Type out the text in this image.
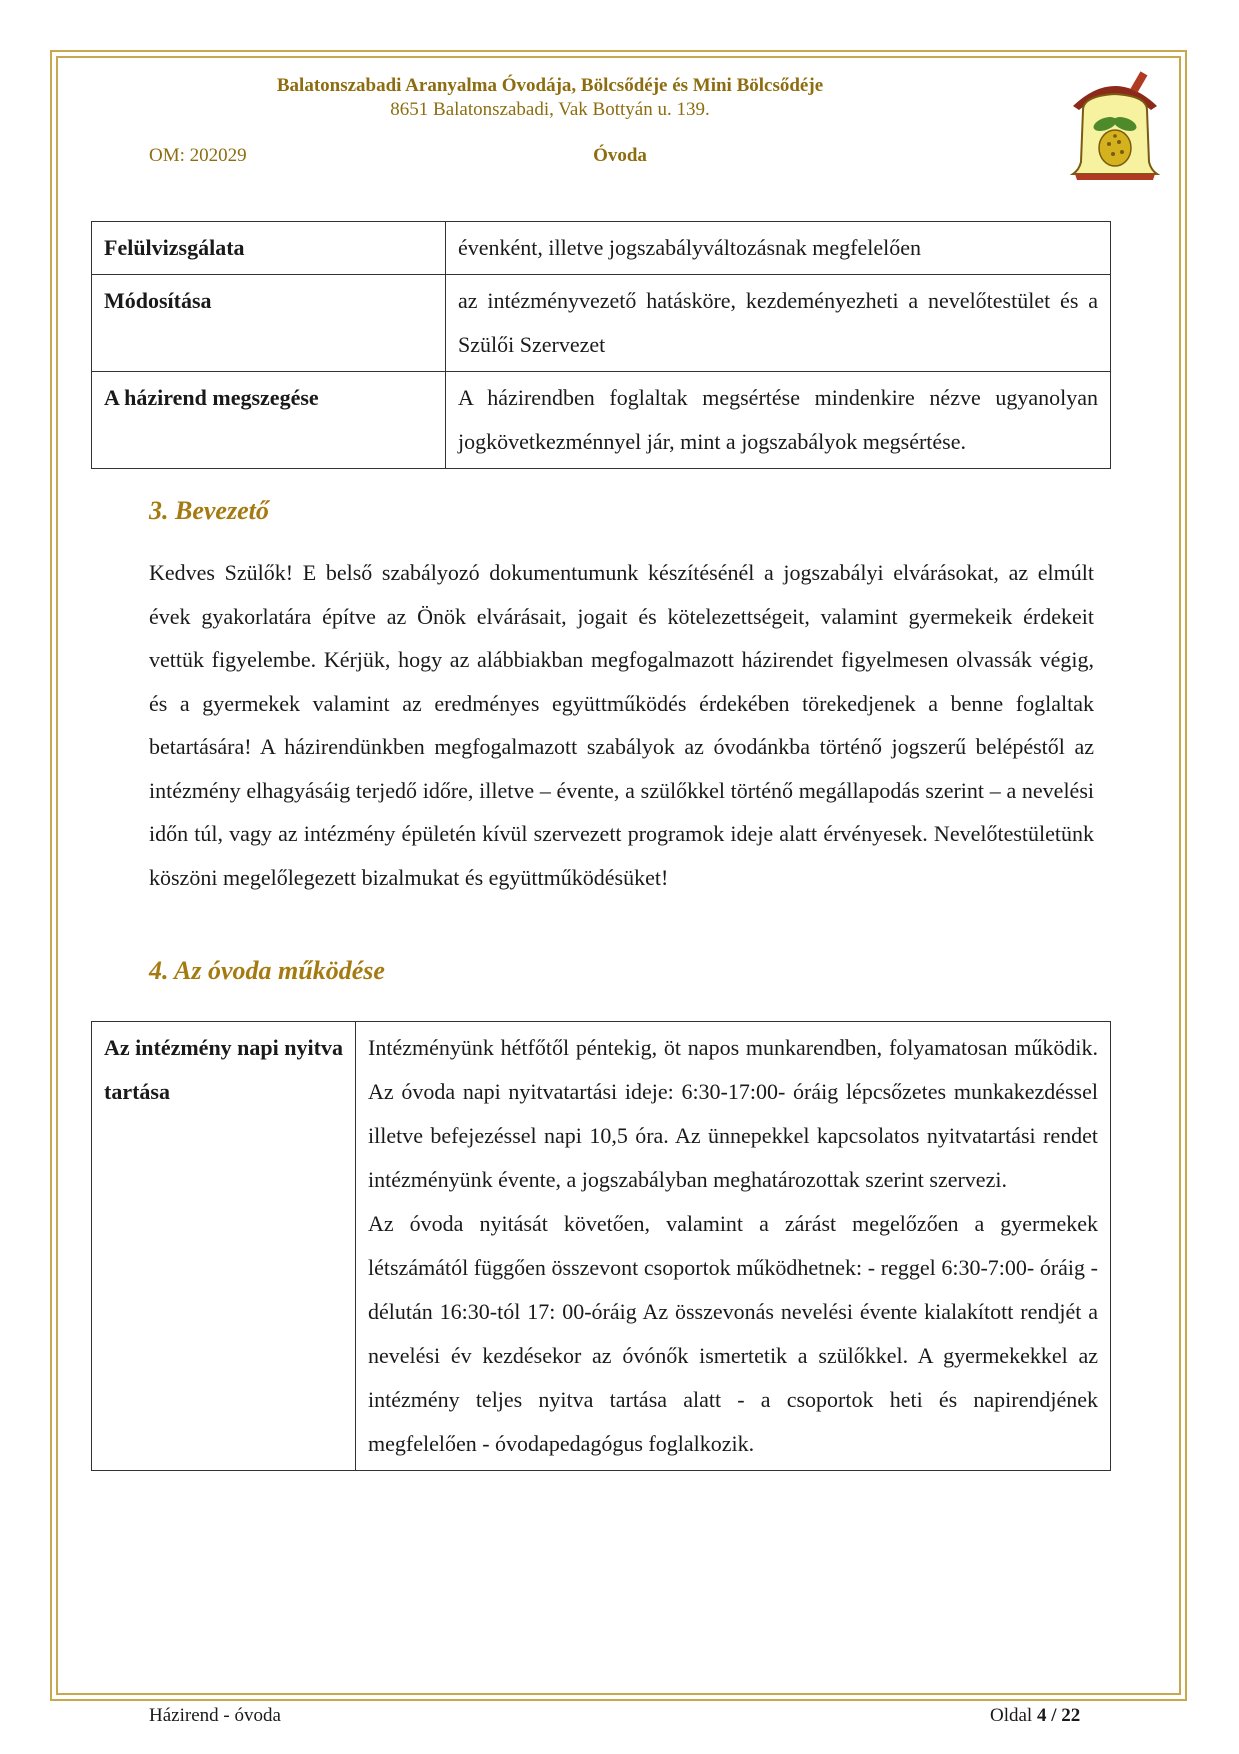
Balatonszabadi Aranyalma Óvodája, Bölcsődéje és Mini Bölcsődéje
8651 Balatonszabadi, Vak Bottyán u. 139.
OM: 202029	Óvoda
Felülvizsgálata	évenként, illetve jogszabályváltozásnak megfelelően
Módosítása	az intézményvezető hatásköre, kezdeményezheti a nevelőtestület és a Szülői Szervezet
A házirend megszegése	A házirendben foglaltak megsértése mindenkire nézve ugyanolyan jogkövetkezménnyel jár, mint a jogszabályok megsértése.
3. Bevezető
Kedves Szülők! E belső szabályozó dokumentumunk készítésénél a jogszabályi elvárásokat, az elmúlt évek gyakorlatára építve az Önök elvárásait, jogait és kötelezettségeit, valamint gyermekeik érdekeit vettük figyelembe. Kérjük, hogy az alábbiakban megfogalmazott házirendet figyelmesen olvassák végig, és a gyermekek valamint az eredményes együttműködés érdekében törekedjenek a benne foglaltak betartására! A házirendünkben megfogalmazott szabályok az óvodánkba történő jogszerű belépéstől az intézmény elhagyásáig terjedő időre, illetve – évente, a szülőkkel történő megállapodás szerint – a nevelési időn túl, vagy az intézmény épületén kívül szervezett programok ideje alatt érvényesek. Nevelőtestületünk köszöni megelőlegezett bizalmukat és együttműködésüket!
4. Az óvoda működése
Az intézmény napi nyitva tartása	
Intézményünk hétfőtől péntekig, öt napos munkarendben, folyamatosan működik. Az óvoda napi nyitvatartási ideje: 6:30-17:00- óráig lépcsőzetes munkakezdéssel illetve befejezéssel napi 10,5 óra. Az ünnepekkel kapcsolatos nyitvatartási rendet intézményünk évente, a jogszabályban meghatározottak szerint szervezi.
Az óvoda nyitását követően, valamint a zárást megelőzően a gyermekek létszámától függően összevont csoportok működhetnek: - reggel 6:30-7:00- óráig - délután 16:30-tól 17: 00-óráig Az összevonás nevelési évente kialakított rendjét a nevelési év kezdésekor az óvónők ismertetik a szülőkkel. A gyermekekkel az intézmény teljes nyitva tartása alatt - a csoportok heti és napirendjének megfelelően - óvodapedagógus foglalkozik.
Házirend - óvoda	Oldal 4 / 22
